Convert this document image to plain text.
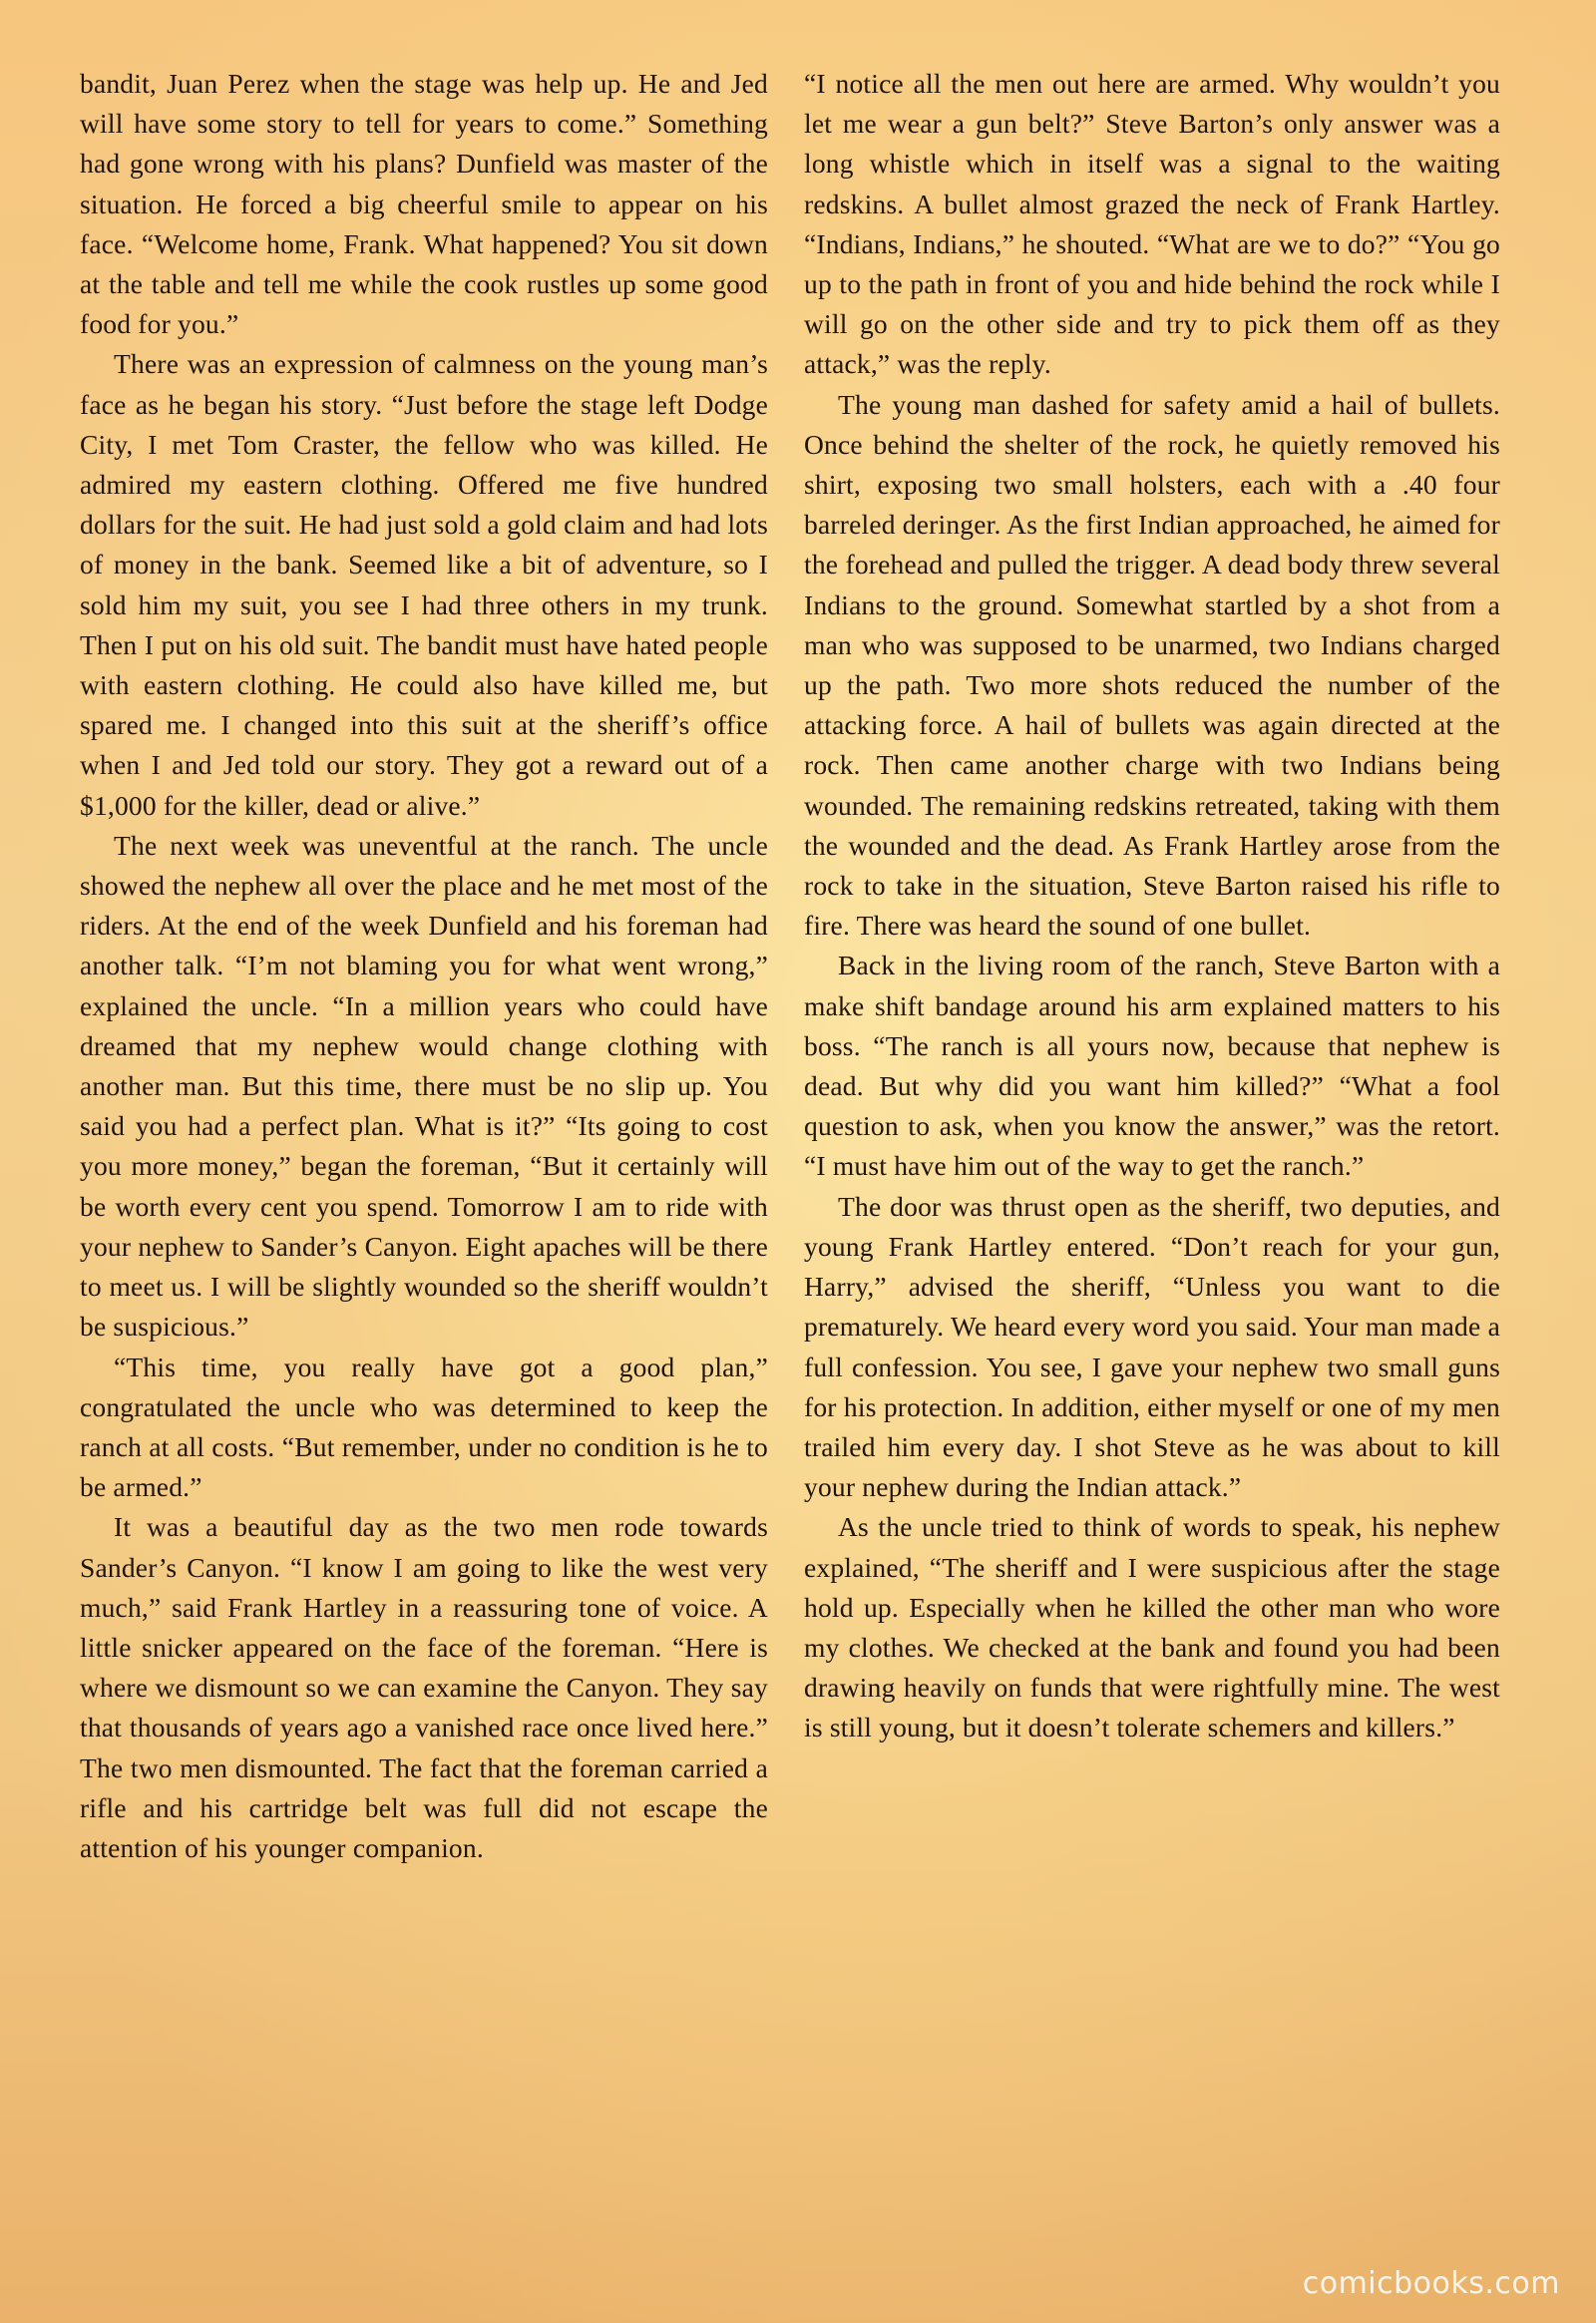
bandit, Juan Perez when the stage was help up. He and Jed will have some story to tell for years to come.” Something had gone wrong with his plans? Dunfield was master of the situation. He forced a big cheerful smile to appear on his face. “Welcome home, Frank. What happened? You sit down at the table and tell me while the cook rustles up some good food for you.”

There was an expression of calmness on the young man’s face as he began his story. “Just before the stage left Dodge City, I met Tom Craster, the fellow who was killed. He admired my eastern clothing. Offered me five hundred dollars for the suit. He had just sold a gold claim and had lots of money in the bank. Seemed like a bit of adventure, so I sold him my suit, you see I had three others in my trunk. Then I put on his old suit. The bandit must have hated people with eastern clothing. He could also have killed me, but spared me. I changed into this suit at the sheriff’s office when I and Jed told our story. They got a reward out of a $1,000 for the killer, dead or alive.”

The next week was uneventful at the ranch. The uncle showed the nephew all over the place and he met most of the riders. At the end of the week Dunfield and his foreman had another talk. “I’m not blaming you for what went wrong,” explained the uncle. “In a million years who could have dreamed that my nephew would change clothing with another man. But this time, there must be no slip up. You said you had a perfect plan. What is it?” “Its going to cost you more money,” began the foreman, “But it certainly will be worth every cent you spend. Tomorrow I am to ride with your nephew to Sander’s Canyon. Eight apaches will be there to meet us. I will be slightly wounded so the sheriff wouldn’t be suspicious.”

“This time, you really have got a good plan,” congratulated the uncle who was determined to keep the ranch at all costs. “But remember, under no condition is he to be armed.”

It was a beautiful day as the two men rode towards Sander’s Canyon. “I know I am going to like the west very much,” said Frank Hartley in a reassuring tone of voice. A little snicker appeared on the face of the foreman. “Here is where we dismount so we can examine the Canyon. They say that thousands of years ago a vanished race once lived here.” The two men dismounted. The fact that the foreman carried a rifle and his cartridge belt was full did not escape the attention of his younger companion.

“I notice all the men out here are armed. Why wouldn’t you let me wear a gun belt?” Steve Barton’s only answer was a long whistle which in itself was a signal to the waiting redskins. A bullet almost grazed the neck of Frank Hartley. “Indians, Indians,” he shouted. “What are we to do?” “You go up to the path in front of you and hide behind the rock while I will go on the other side and try to pick them off as they attack,” was the reply.

The young man dashed for safety amid a hail of bullets. Once behind the shelter of the rock, he quietly removed his shirt, exposing two small holsters, each with a .40 four barreled deringer. As the first Indian approached, he aimed for the forehead and pulled the trigger. A dead body threw several Indians to the ground. Somewhat startled by a shot from a man who was supposed to be unarmed, two Indians charged up the path. Two more shots reduced the number of the attacking force. A hail of bullets was again directed at the rock. Then came another charge with two Indians being wounded. The remaining redskins retreated, taking with them the wounded and the dead. As Frank Hartley arose from the rock to take in the situation, Steve Barton raised his rifle to fire. There was heard the sound of one bullet.

Back in the living room of the ranch, Steve Barton with a make shift bandage around his arm explained matters to his boss. “The ranch is all yours now, because that nephew is dead. But why did you want him killed?” “What a fool question to ask, when you know the answer,” was the retort. “I must have him out of the way to get the ranch.”

The door was thrust open as the sheriff, two deputies, and young Frank Hartley entered. “Don’t reach for your gun, Harry,” advised the sheriff, “Unless you want to die prematurely. We heard every word you said. Your man made a full confession. You see, I gave your nephew two small guns for his protection. In addition, either myself or one of my men trailed him every day. I shot Steve as he was about to kill your nephew during the Indian attack.”

As the uncle tried to think of words to speak, his nephew explained, “The sheriff and I were suspicious after the stage hold up. Especially when he killed the other man who wore my clothes. We checked at the bank and found you had been drawing heavily on funds that were rightfully mine. The west is still young, but it doesn’t tolerate schemers and killers.”

comicbooks.com
